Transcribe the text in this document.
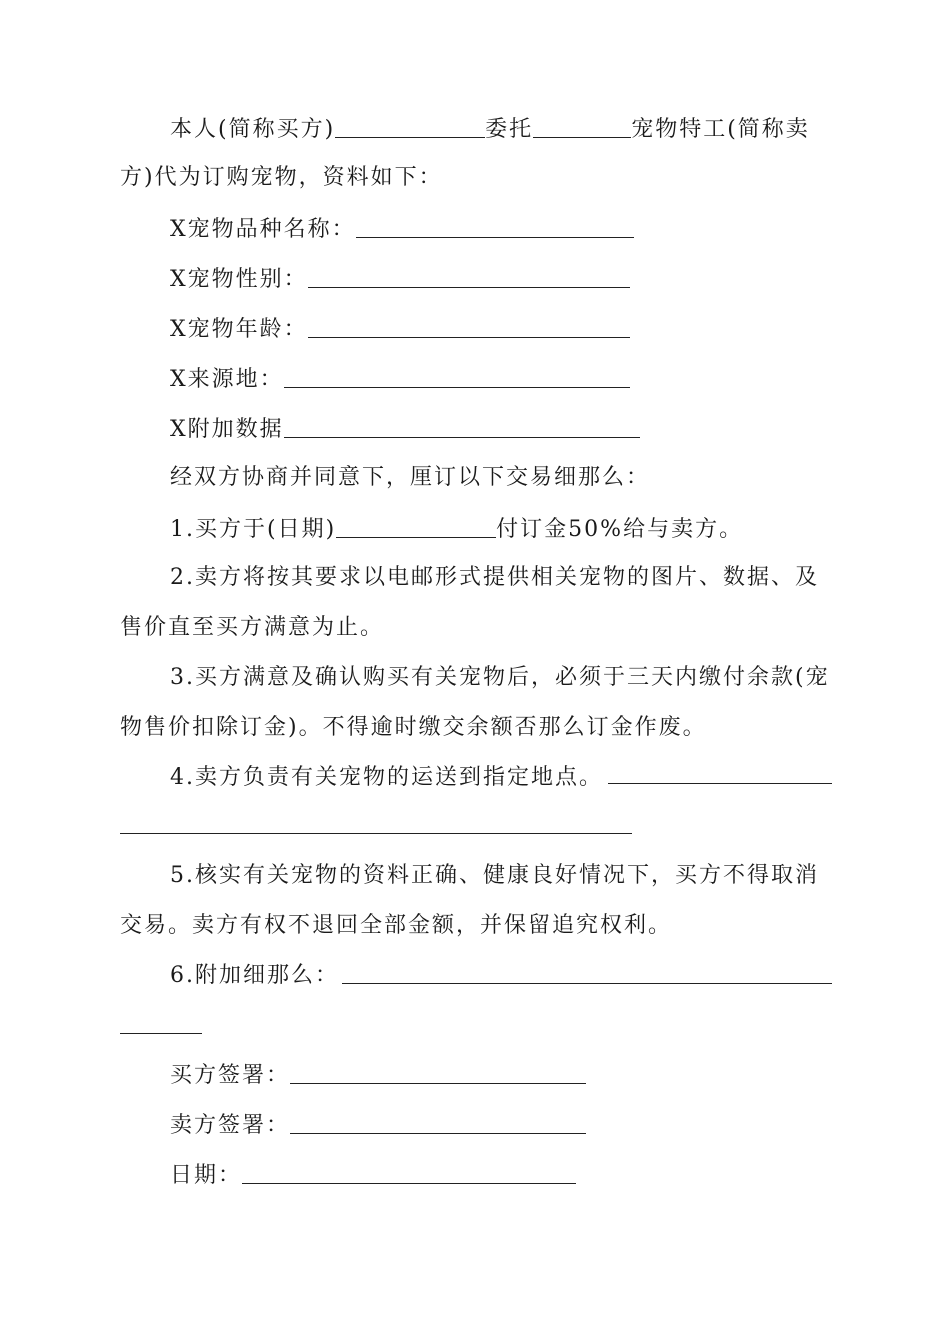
本人(简称买方)	委托	宠物特工(简称卖
方)代为订购宠物，资料如下：
X宠物品种名称：
X宠物性别：
X宠物年龄：
X来源地：
X附加数据
经双方协商并同意下，厘订以下交易细那么：
1.买方于(日期)	付订金50%给与卖方。
2.卖方将按其要求以电邮形式提供相关宠物的图片、数据、及
售价直至买方满意为止。
3.买方满意及确认购买有关宠物后，必须于三天内缴付余款(宠
物售价扣除订金)。不得逾时缴交余额否那么订金作废。
4.卖方负责有关宠物的运送到指定地点。
5.核实有关宠物的资料正确、健康良好情况下，买方不得取消
交易。卖方有权不退回全部金额，并保留追究权利。
6.附加细那么：
买方签署：
卖方签署：
日期：
